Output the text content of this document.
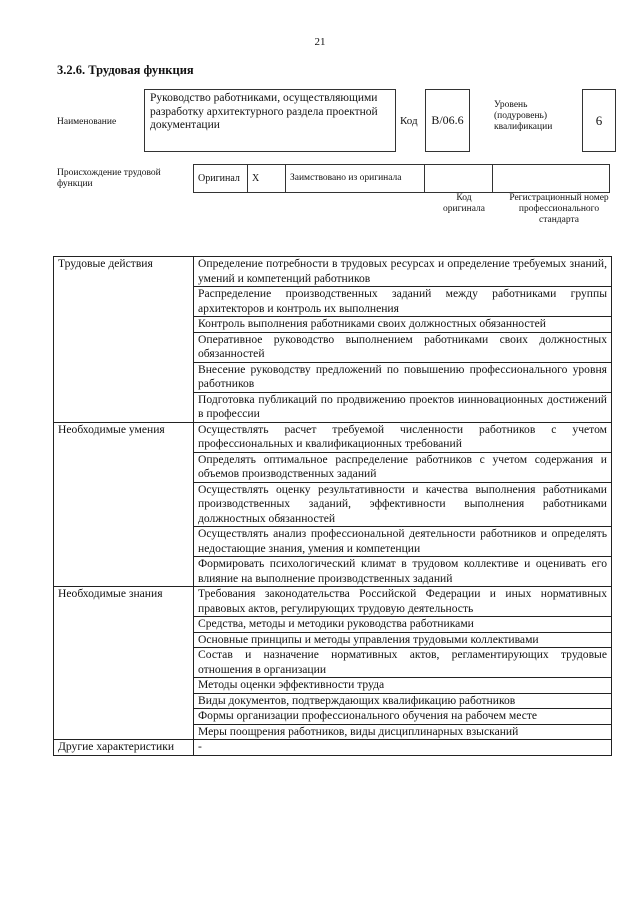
21
3.2.6. Трудовая функция
Наименование
Руководство работниками, осуществляющими разработку архитектурного раздела проектной документации	Код	B/06.6
Уровень (подуровень) квалификации	6
Происхождение трудовой функции	Оригинал	X	Заимствовано из оригинала		
Код оригинала
Регистрационный номер профессионального стандарта
Трудовые действия	Определение потребности в трудовых ресурсах и определение требуемых знаний, умений и компетенций работников
	Распределение производственных заданий между работниками группы архитекторов и контроль их выполнения
	Контроль выполнения работниками своих должностных обязанностей
	Оперативное руководство выполнением работниками своих должностных обязанностей
	Внесение руководству предложений по повышению профессионального уровня работников
	Подготовка публикаций по продвижению проектов иинновационных достижений в профессии
Необходимые умения	Осуществлять расчет требуемой численности работников с учетом профессиональных и квалификационных требований
	Определять оптимальное распределение работников с учетом содержания и объемов производственных заданий
	Осуществлять оценку результативности и качества выполнения работниками производственных заданий, эффективности выполнения работниками должностных обязанностей
	Осуществлять анализ профессиональной деятельности работников и определять недостающие знания, умения и компетенции
	Формировать психологический климат в трудовом коллективе и оценивать его влияние на выполнение производственных заданий
Необходимые знания	Требования законодательства Российской Федерации и иных нормативных правовых актов, регулирующих трудовую деятельность
	Средства, методы и методики руководства работниками
	Основные принципы и методы управления трудовыми коллективами
	Состав и назначение нормативных актов, регламентирующих трудовые отношения в организации
	Методы оценки эффективности труда
	Виды документов, подтверждающих квалификацию работников
	Формы организации профессионального обучения на рабочем месте
	Меры поощрения работников, виды дисциплинарных взысканий
Другие характеристики	-
